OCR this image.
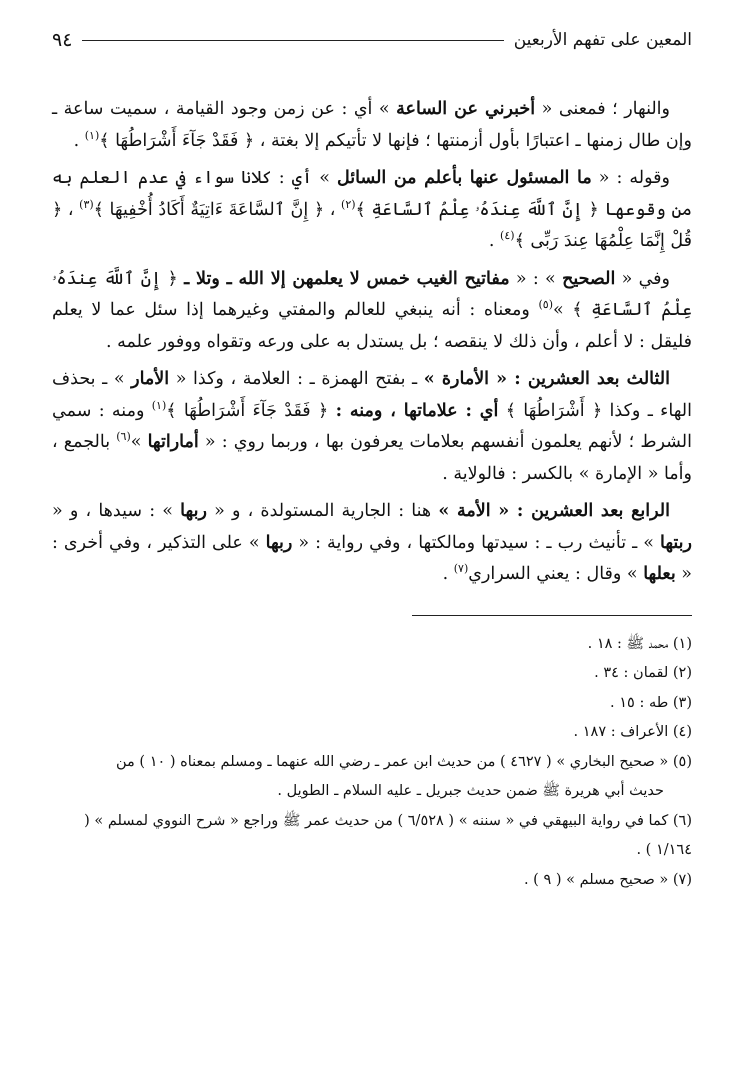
المعين على تفهم الأربعين
٩٤

والنهار ؛ فمعنى « أخبرني عن الساعة » أي : عن زمن وجود القيامة ، سميت ساعة ـ وإن طال زمنها ـ اعتبارًا بأول أزمنتها ؛ فإنها لا تأتيكم إلا بغتة ، ﴿ فَقَدْ جَآءَ أَشْرَاطُهَا ﴾$^{(١)}$ .

وقوله : « ما المسئول عنها بأعلم من السائل » أي : كلانا سواء في عدم العلم به من وقوعها ﴿ إِنَّ ٱللَّهَ عِندَهُۥ عِلْمُ ٱلسَّاعَةِ ﴾$^{(٢)}$ ، ﴿ إِنَّ ٱلسَّاعَةَ ءَاتِيَةٌ أَكَادُ أُخْفِيهَا ﴾$^{(٣)}$ ، ﴿ قُلْ إِنَّمَا عِلْمُهَا عِندَ رَبِّى ﴾$^{(٤)}$ .

وفي « الصحيح » : « مفاتيح الغيب خمس لا يعلمهن إلا الله ـ وتلا ـ ﴿ إِنَّ ٱللَّهَ عِندَهُۥ عِلْمُ ٱلسَّاعَةِ ﴾ »$^{(٥)}$ ومعناه : أنه ينبغي للعالم والمفتي وغيرهما إذا سئل عما لا يعلم فليقل : لا أعلم ، وأن ذلك لا ينقصه ؛ بل يستدل به على ورعه وتقواه ووفور علمه .

الثالث بعد العشرين : « الأمارة » ـ بفتح الهمزة ـ : العلامة ، وكذا « الأمار » ـ بحذف الهاء ـ وكذا ﴿ أَشْرَاطُهَا ﴾ أي : علاماتها ، ومنه : ﴿ فَقَدْ جَآءَ أَشْرَاطُهَا ﴾$^{(١)}$ ومنه : سمي الشرط ؛ لأنهم يعلمون أنفسهم بعلامات يعرفون بها ، وربما روي : « أماراتها »$^{(٦)}$ بالجمع ، وأما « الإمارة » بالكسر : فالولاية .

الرابع بعد العشرين : « الأمة » هنا : الجارية المستولدة ، و « ربها » : سيدها ، و « ربتها » ـ تأنيث رب ـ : سيدتها ومالكتها ، وفي رواية : « ربها » على التذكير ، وفي أخرى : « بعلها » وقال : يعني السراري$^{(٧)}$ .

(١) محمد ﷺ : ١٨ .
(٢) لقمان : ٣٤ .
(٣) طه : ١٥ .
(٤) الأعراف : ١٨٧ .
(٥) « صحيح البخاري » ( ٤٦٢٧ ) من حديث ابن عمر ـ رضي الله عنهما ـ ومسلم بمعناه ( ١٠ ) من
حديث أبي هريرة ﷺ ضمن حديث جبريل ـ عليه السلام ـ الطويل .
(٦) كما في رواية البيهقي في « سننه » ( ٦/٥٢٨ ) من حديث عمر ﷺ وراجع « شرح النووي لمسلم » ( ١/١٦٤ ) .
(٧) « صحيح مسلم » ( ٩ ) .
